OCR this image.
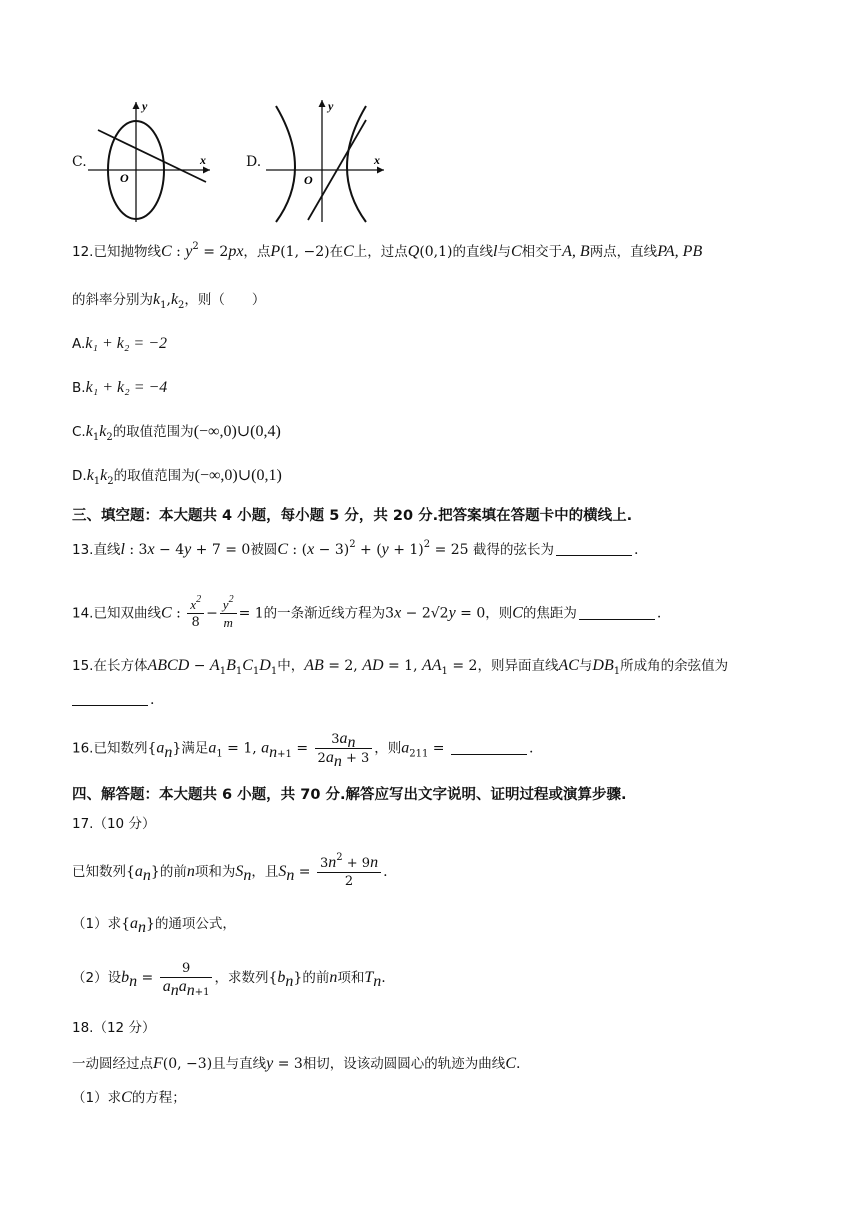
C.
y
x
O
D.
y
x
O
12.已知抛物线C : $y^2 = 2px$，点P(1, −2)在C上，过点Q(0,1)的直线l与C相交于A, B两点，直线PA, PB
的斜率分别为$k_1,k_2$，则（　　）
A.k₁ + k₂ = −2
B.k₁ + k₂ = −4
$C.k_1k_2$的取值范围为(−∞,0)∪(0,4)
$D.k_1k_2$的取值范围为(−∞,0)∪(0,1)
三、填空题：本大题共 4 小题，每小题 5 分，共 20 分.把答案填在答题卡中的横线上.
13.直线l : 3x − 4y + 7 = 0被圆C : $(x - 3)^2 + (y + 1)^2 = 25$ 截得的弦长为	.
14.已知双曲线C : $\frac{x^2}{8} - \frac{y^2}{m} = 1$的一条渐近线方程为3x − 2√2y = 0，则C的焦距为	.
15.在长方体ABCD − $A_1B_1C_1D_1$中，AB = 2, AD = 1, $AA_1 = 2$，则异面直线AC与$DB_1$所成角的余弦值为
.
16.已知数列$\{a_n\}$满足$a_1 = 1$, $a_{n+1} = \frac{3a_n}{2a_n + 3}$ ，则$a_{211}$ =	.
四、解答题：本大题共 6 小题，共 70 分.解答应写出文字说明、证明过程或演算步骤.
17.（10 分）
已知数列$\{a_n\}$的前n项和为$S_n$，且$S_n = \frac{3n^2 + 9n}{2}$ .
（1）求$\{a_n\}$的通项公式，
（2）设$b_n = \frac{9}{a_na_{n+1}}$ ，求数列$\{b_n\}$的前n项和$T_n$.
18.（12 分）
一动圆经过点F(0, −3)且与直线y = 3相切，设该动圆圆心的轨迹为曲线C.
（1）求C的方程；
